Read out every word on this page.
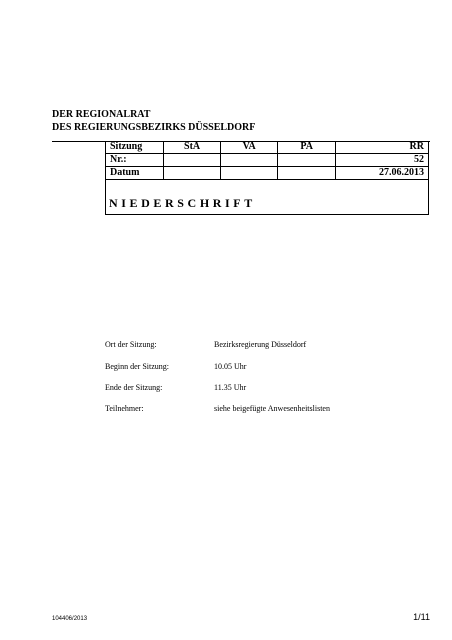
DER REGIONALRAT
DES REGIERUNGSBEZIRKS DÜSSELDORF
Sitzung	StA	VA	PA	RR
Nr.:				52
Datum				27.06.2013
NIEDERSCHRIFT
Ort der Sitzung:	Bezirksregierung Düsseldorf
Beginn der Sitzung:	10.05 Uhr
Ende der Sitzung:	11.35 Uhr
Teilnehmer:	siehe beigefügte Anwesenheitslisten
104406/2013	1/11
